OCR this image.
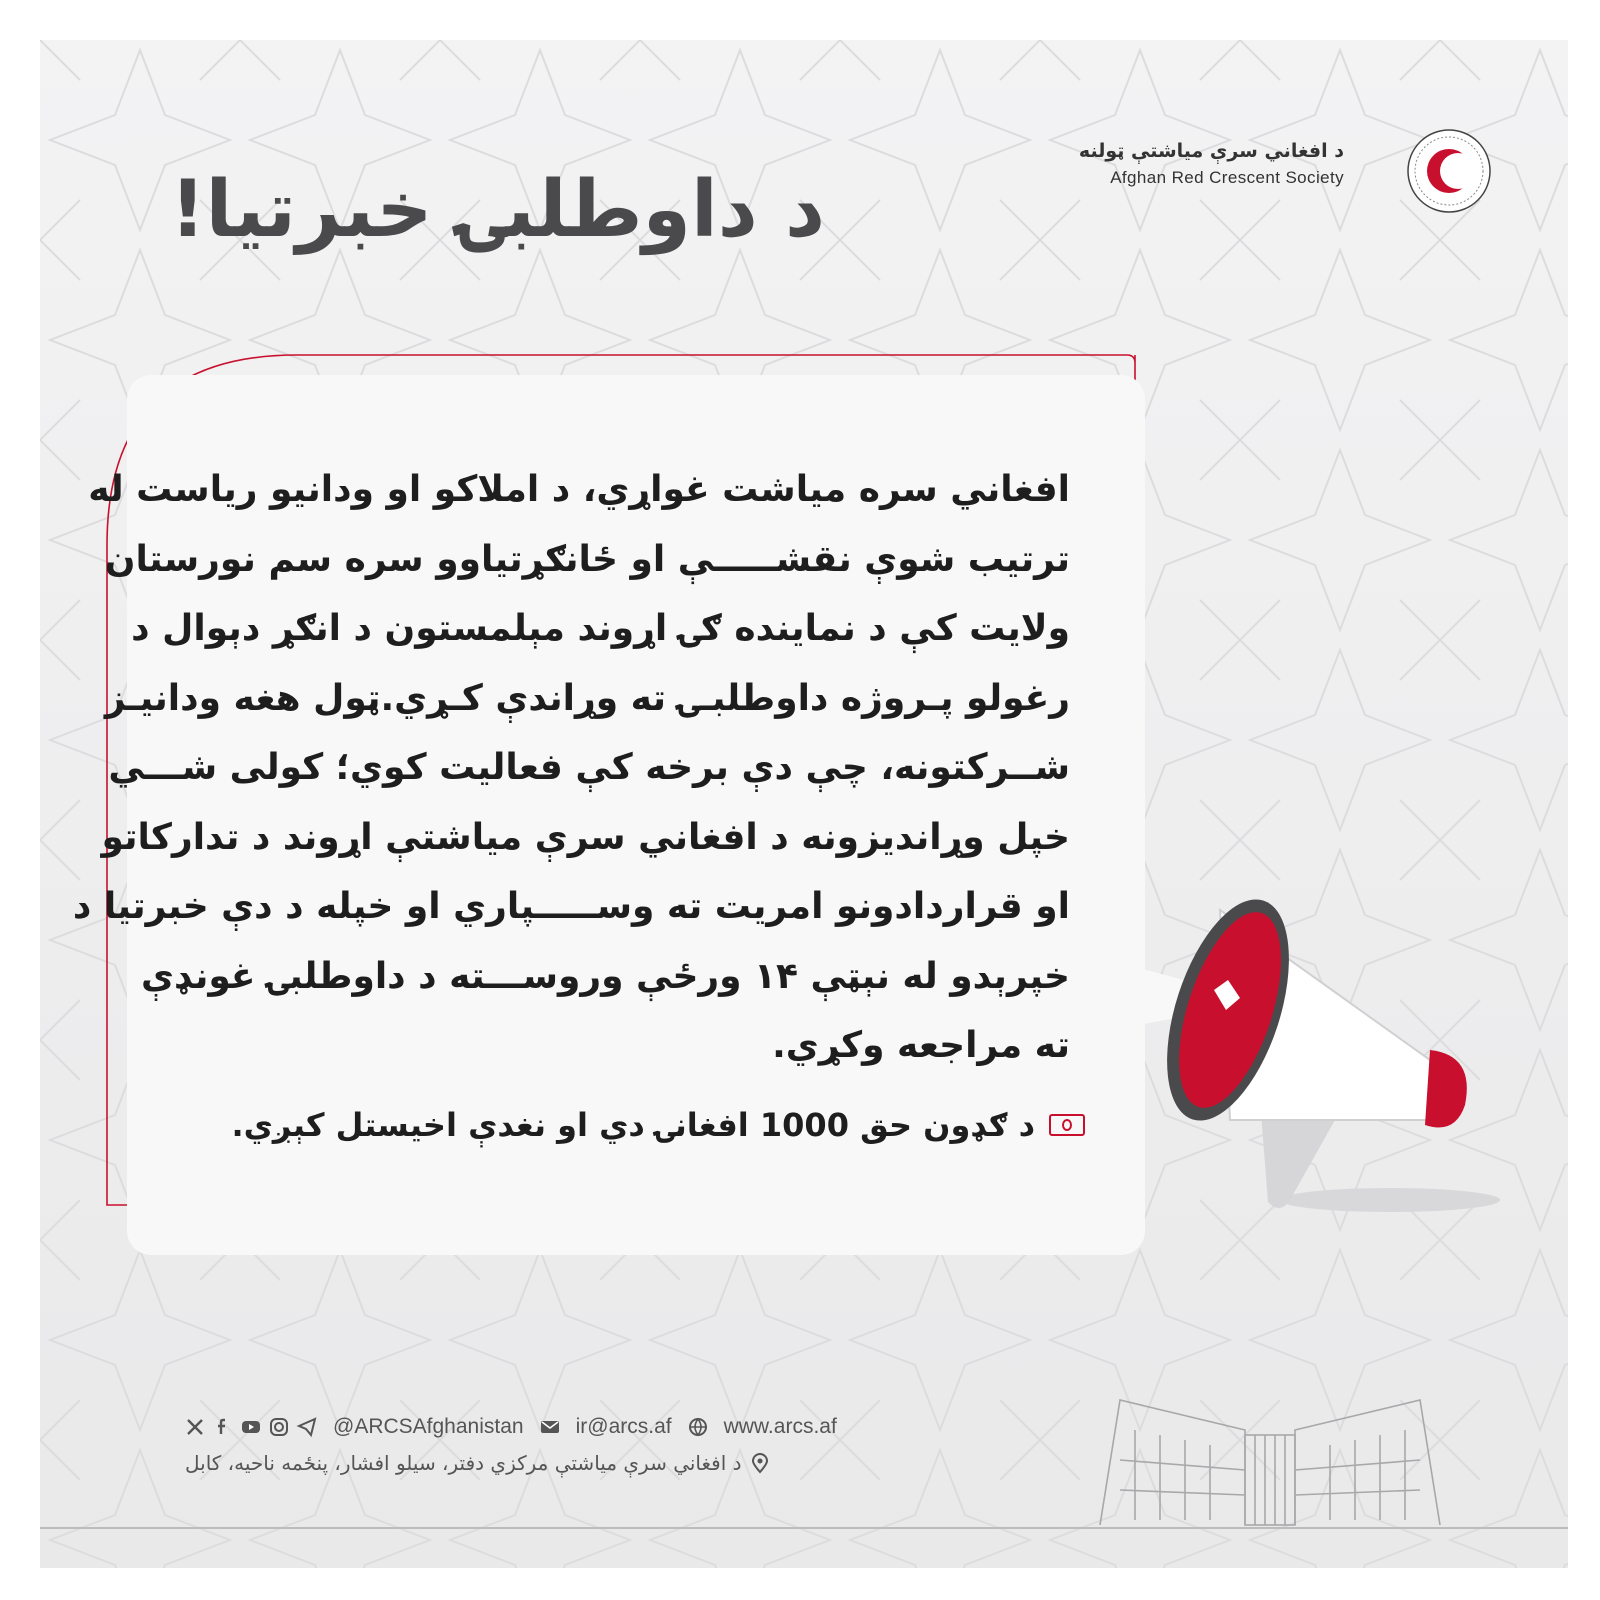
د داوطلبۍ خبرتیا!
د افغاني سرې میاشتې ټولنه
Afghan Red Crescent Society

افغاني سره میاشت غواړي، د املاکو او ودانیو ریاست له
ترتیب شوې نقشـــــې او ځانګړتیاوو سره سم نورستان
ولایت کې د نماینده ګۍ اړوند مېلمستون د انګړ دېوال د
رغولو پـروژه داوطلبـۍ ته وړاندې کـړي.ټول هغه ودانیـز
شــرکتونه، چې دې برخه کې فعالیت کوي؛ کولی شـــي
خپل وړاندیزونه د افغاني سرې میاشتې اړوند د تدارکاتو
او قراردادونو امریت ته وســـــپاري او خپله د دې خبرتیا د
خپرېدو له نېټې ۱۴ ورځې وروســـته د داوطلبۍ غونډې
ته مراجعه وکړي.

د ګډون حق 1000 افغانۍ دي او نغدې اخیستل کېږي.
@ARCSAfghanistan ir@arcs.af www.arcs.af
د افغاني سرې میاشتې مرکزي دفتر، سیلو افشار، پنځمه ناحیه، کابل
